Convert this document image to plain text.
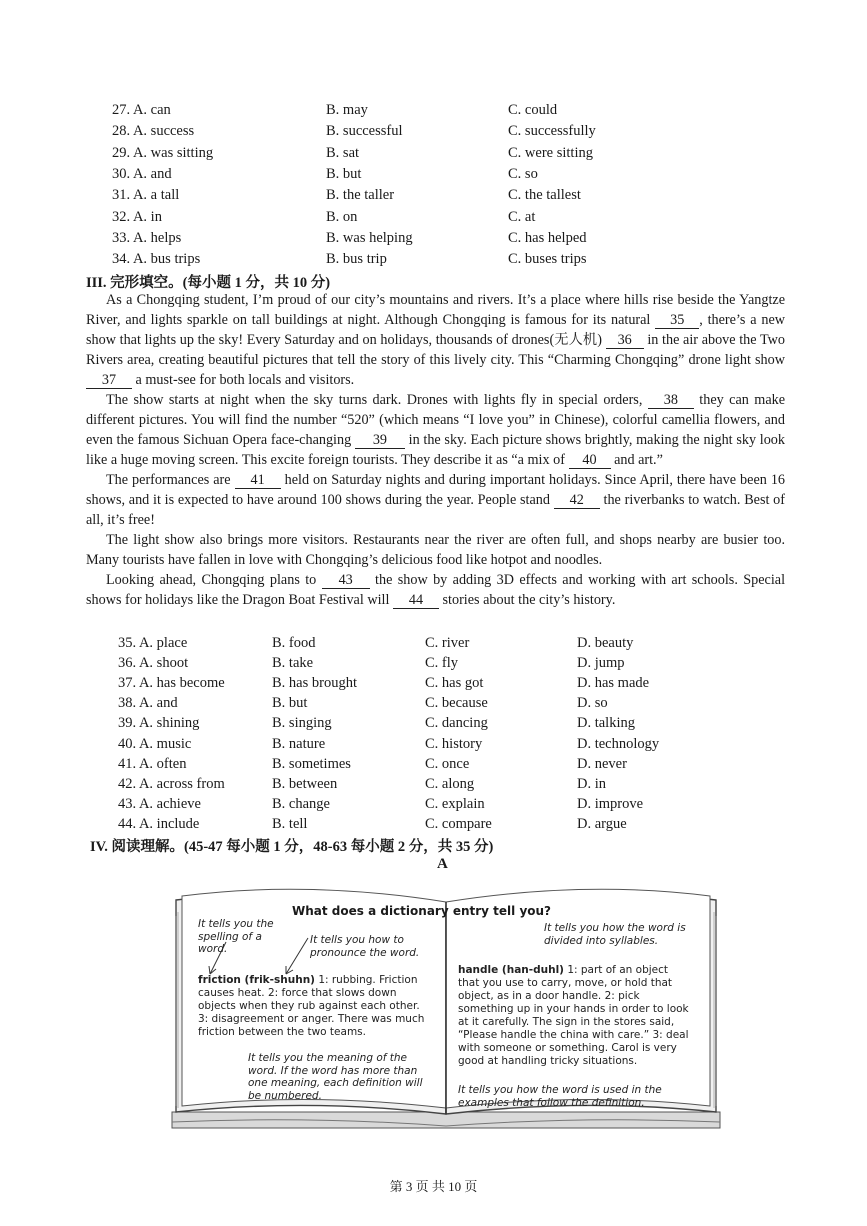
27. A. can	B. may	C. could
28. A. success	B. successful	C. successfully
29. A. was sitting	B. sat	C. were sitting
30. A. and	B. but	C. so
31. A. a tall	B. the taller	C. the tallest
32. A. in	B. on	C. at
33. A. helps	B. was helping	C. has helped
34. A. bus trips	B. bus trip	C. buses trips
III. 完形填空。(每小题 1 分，共 10 分)

As a Chongqing student, I’m proud of our city’s mountains and rivers. It’s a place where hills rise beside the Yangtze River, and lights sparkle on tall buildings at night. Although Chongqing is famous for its natural 35 , there’s a new show that lights up the sky! Every Saturday and on holidays, thousands of drones(无人机) 36 in the air above the Two Rivers area, creating beautiful pictures that tell the story of this lively city. This “Charming Chongqing” drone light show 37 a must-see for both locals and visitors.

The show starts at night when the sky turns dark. Drones with lights fly in special orders, 38 they can make different pictures. You will find the number “520” (which means “I love you” in Chinese), colorful camellia flowers, and even the famous Sichuan Opera face-changing 39 in the sky. Each picture shows brightly, making the night sky look like a huge moving screen. This excite foreign tourists. They describe it as “a mix of 40 and art.”

The performances are 41 held on Saturday nights and during important holidays. Since April, there have been 16 shows, and it is expected to have around 100 shows during the year. People stand 42 the riverbanks to watch. Best of all, it’s free!

The light show also brings more visitors. Restaurants near the river are often full, and shops nearby are busier too. Many tourists have fallen in love with Chongqing’s delicious food like hotpot and noodles.

Looking ahead, Chongqing plans to 43 the show by adding 3D effects and working with art schools. Special shows for holidays like the Dragon Boat Festival will 44 stories about the city’s history.

35. A. place	B. food	C. river	D. beauty
36. A. shoot	B. take	C. fly	D. jump
37. A. has become	B. has brought	C. has got	D. has made
38. A. and	B. but	C. because	D. so
39. A. shining	B. singing	C. dancing	D. talking
40. A. music	B. nature	C. history	D. technology
41. A. often	B. sometimes	C. once	D. never
42. A. across from	B. between	C. along	D. in
43. A. achieve	B. change	C. explain	D. improve
44. A. include	B. tell	C. compare	D. argue
IV. 阅读理解。(45-47 每小题 1 分，48-63 每小题 2 分，共 35 分)
A
What does a dictionary entry tell you?
It tells you the spelling of a word.
It tells you how to pronounce the word.
friction (frik-shuhn) 1: rubbing. Friction causes heat. 2: force that slows down objects when they rub against each other. 3: disagreement or anger. There was much friction between the two teams.
It tells you the meaning of the word. If the word has more than one meaning, each definition will be numbered.
It tells you how the word is divided into syllables.
handle (han-duhl) 1: part of an object that you use to carry, move, or hold that object, as in a door handle. 2: pick something up in your hands in order to look at it carefully. The sign in the stores said, “Please handle the china with care.” 3: deal with someone or something. Carol is very good at handling tricky situations.
It tells you how the word is used in the examples that follow the definition.
第 3 页 共 10 页
